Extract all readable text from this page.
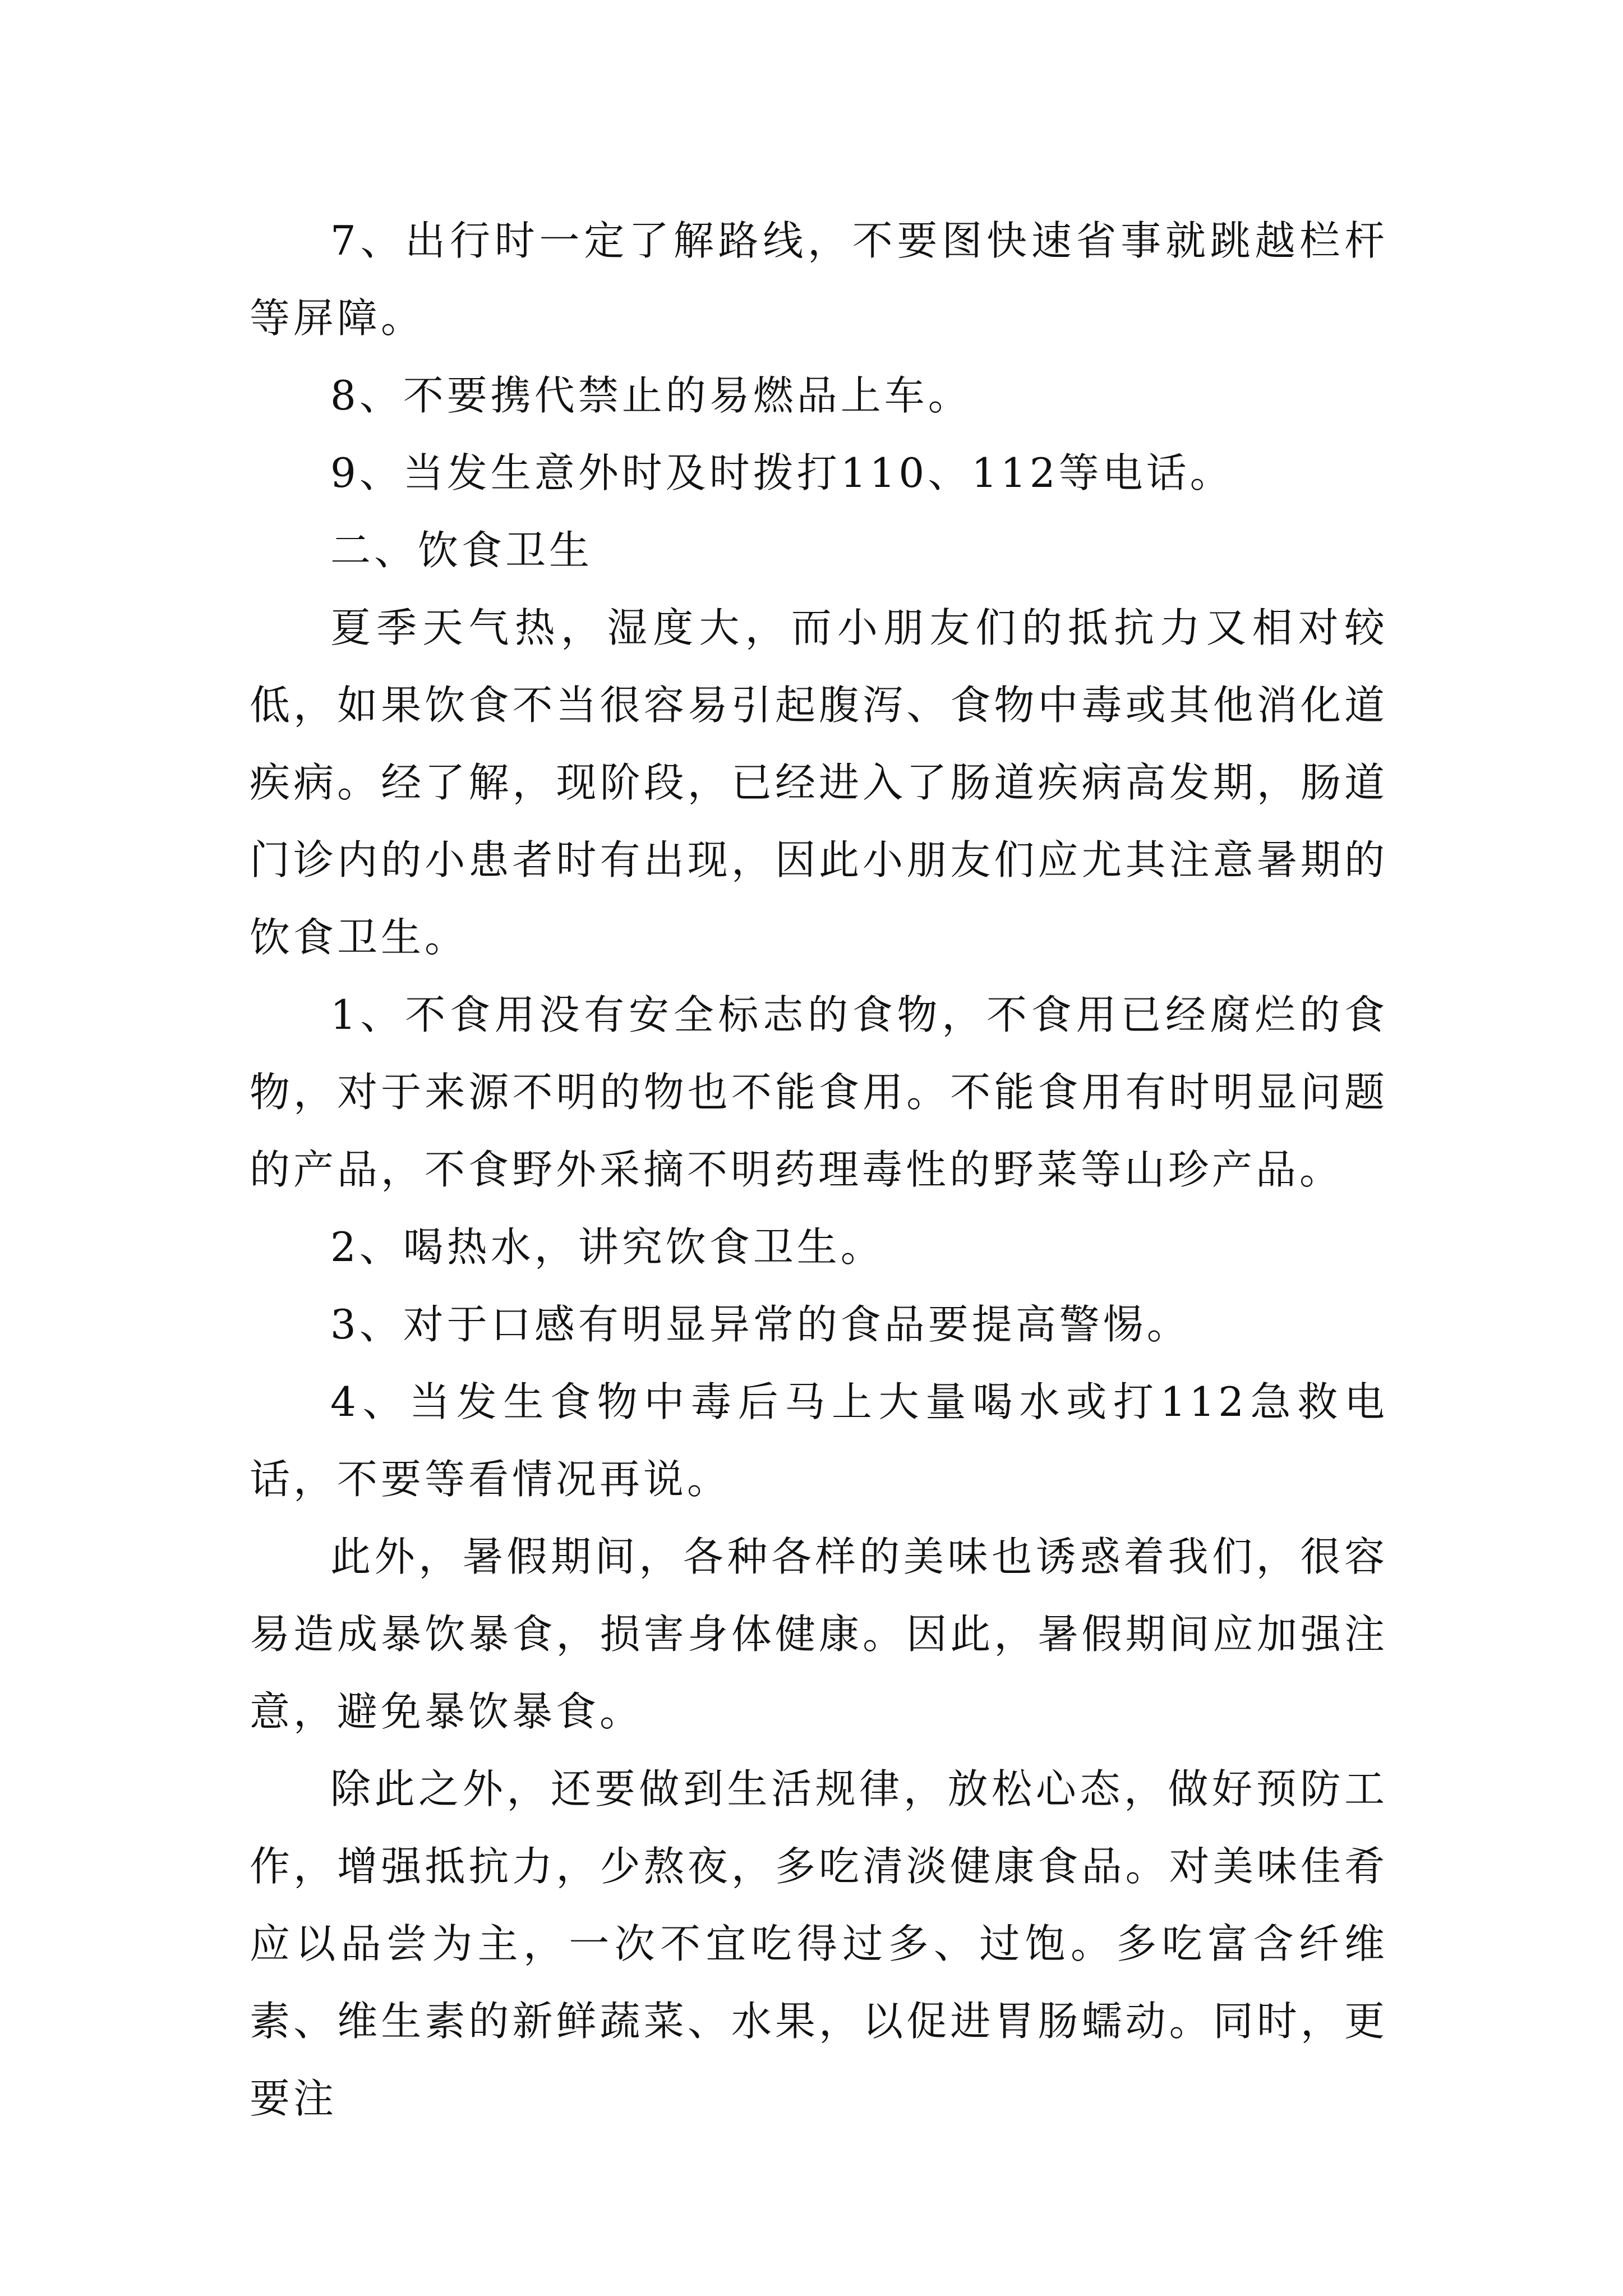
7、出行时一定了解路线，不要图快速省事就跳越栏杆等屏障。

8、不要携代禁止的易燃品上车。

9、当发生意外时及时拨打110、112等电话。

二、饮食卫生

夏季天气热，湿度大，而小朋友们的抵抗力又相对较低，如果饮食不当很容易引起腹泻、食物中毒或其他消化道疾病。经了解，现阶段，已经进入了肠道疾病高发期，肠道门诊内的小患者时有出现，因此小朋友们应尤其注意暑期的饮食卫生。

1、不食用没有安全标志的食物，不食用已经腐烂的食物，对于来源不明的物也不能食用。不能食用有时明显问题的产品，不食野外采摘不明药理毒性的野菜等山珍产品。

2、喝热水，讲究饮食卫生。

3、对于口感有明显异常的食品要提高警惕。

4、当发生食物中毒后马上大量喝水或打112急救电话，不要等看情况再说。

此外，暑假期间，各种各样的美味也诱惑着我们，很容易造成暴饮暴食，损害身体健康。因此，暑假期间应加强注意，避免暴饮暴食。

除此之外，还要做到生活规律，放松心态，做好预防工作，增强抵抗力，少熬夜，多吃清淡健康食品。对美味佳肴应以品尝为主，一次不宜吃得过多、过饱。多吃富含纤维素、维生素的新鲜蔬菜、水果，以促进胃肠蠕动。同时，更要注
